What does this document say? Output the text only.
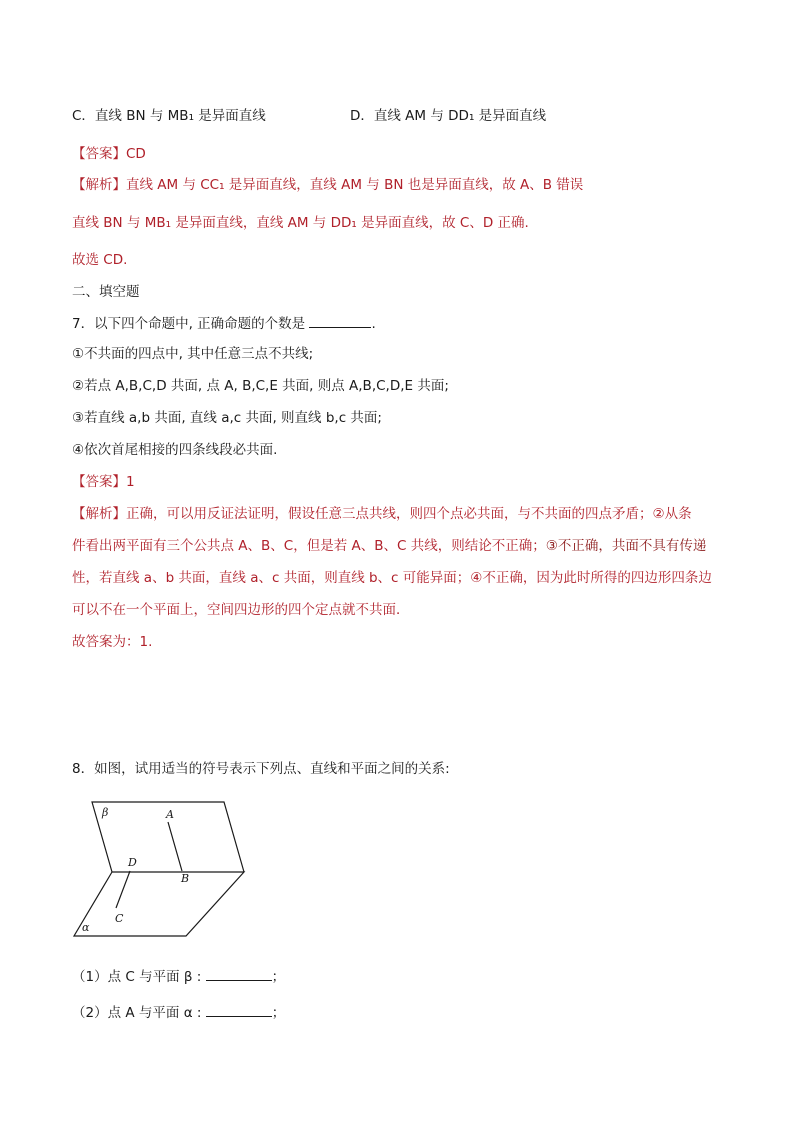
C．直线 BN 与 MB₁ 是异面直线	D．直线 AM 与 DD₁ 是异面直线
【答案】CD
【解析】直线 AM 与 CC₁ 是异面直线，直线 AM 与 BN 也是异面直线，故 A、B 错误
直线 BN 与 MB₁ 是异面直线，直线 AM 与 DD₁ 是异面直线，故 C、D 正确.
故选 CD.
二、填空题
7．以下四个命题中, 正确命题的个数是	.
①不共面的四点中, 其中任意三点不共线;
②若点 A,B,C,D 共面, 点 A, B,C,E 共面, 则点 A,B,C,D,E 共面;
③若直线 a,b 共面, 直线 a,c 共面, 则直线 b,c 共面;
④依次首尾相接的四条线段必共面.
【答案】1
【解析】正确，可以用反证法证明，假设任意三点共线，则四个点必共面，与不共面的四点矛盾；②从条
件看出两平面有三个公共点 A、B、C，但是若 A、B、C 共线，则结论不正确；③不正确，共面不具有传递
性，若直线 a、b 共面，直线 a、c 共面，则直线 b、c 可能异面；④不正确，因为此时所得的四边形四条边
可以不在一个平面上，空间四边形的四个定点就不共面．
故答案为：1.
8．如图，试用适当的符号表示下列点、直线和平面之间的关系:
β	A
B
D
C
α
（1）点 C 与平面 β :	；
（2）点 A 与平面 α :	；
